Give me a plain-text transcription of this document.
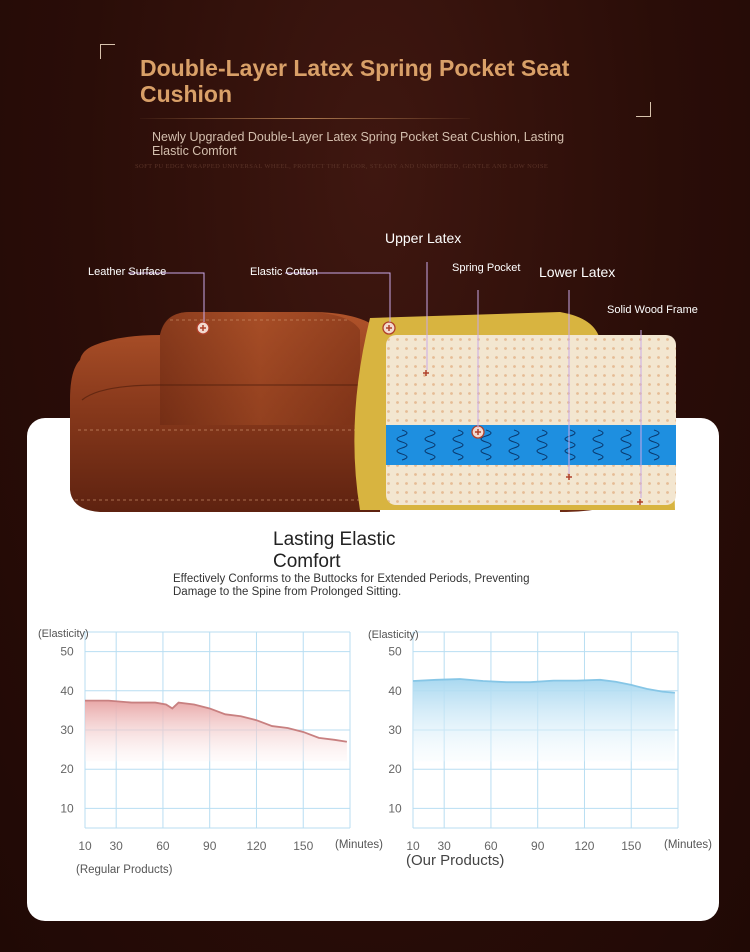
Double-Layer Latex Spring Pocket Seat Cushion
Newly Upgraded Double-Layer Latex Spring Pocket Seat Cushion, Lasting Elastic Comfort
SOFT PU EDGE WRAPPED UNIVERSAL WHEEL, PROTECT THE FLOOR, STEADY AND UNIMPEDED, GENTLE AND LOW NOISE
Leather Surface	Elastic Cotton
Upper Latex
Spring Pocket Lower Latex
Solid Wood Frame
Lasting Elastic Comfort
Effectively Conforms to the Buttocks for Extended Periods, Preventing Damage to the Spine from Prolonged Sitting.
10
20
30
40
50
10 30	60	90	120 150
(Elasticity)
(Minutes)
(Regular Products)
10
20
30
40
50
10 30	60	90	120 150
(Elasticity)
(Minutes)
(Our Products)
